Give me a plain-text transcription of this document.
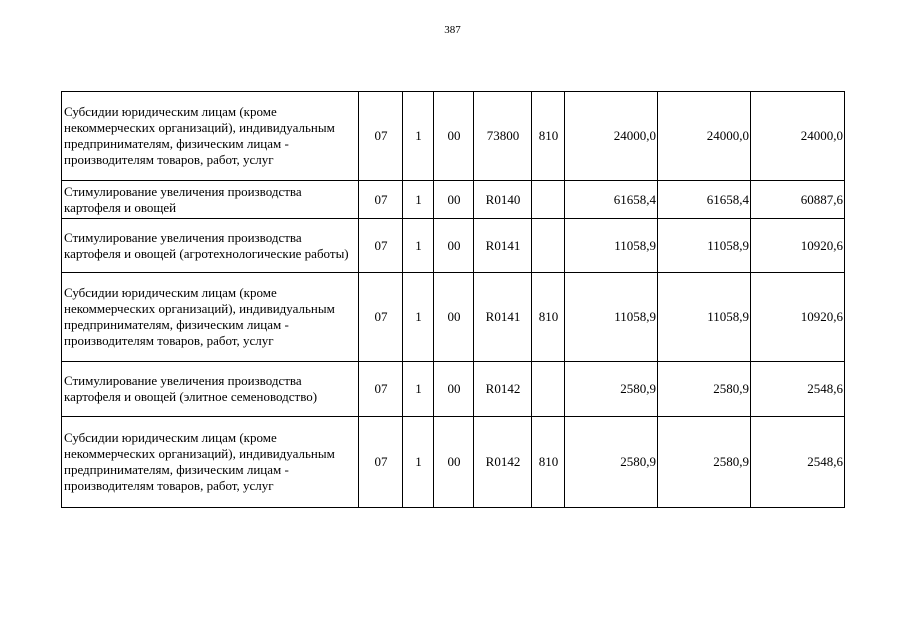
387
Субсидии юридическим лицам (кроме некоммерческих организаций), индивидуальным предпринимателям, физическим лицам - производителям товаров, работ, услуг	07	1	00	73800	810	24000,0	24000,0	24000,0
Стимулирование увеличения производства картофеля и овощей	07	1	00	R0140		61658,4	61658,4	60887,6
Стимулирование увеличения производства картофеля и овощей (агротехнологические работы)	07	1	00	R0141		11058,9	11058,9	10920,6
Субсидии юридическим лицам (кроме некоммерческих организаций), индивидуальным предпринимателям, физическим лицам - производителям товаров, работ, услуг	07	1	00	R0141	810	11058,9	11058,9	10920,6
Стимулирование увеличения производства картофеля и овощей (элитное семеноводство)	07	1	00	R0142		2580,9	2580,9	2548,6
Субсидии юридическим лицам (кроме некоммерческих организаций), индивидуальным предпринимателям, физическим лицам - производителям товаров, работ, услуг	07	1	00	R0142	810	2580,9	2580,9	2548,6
